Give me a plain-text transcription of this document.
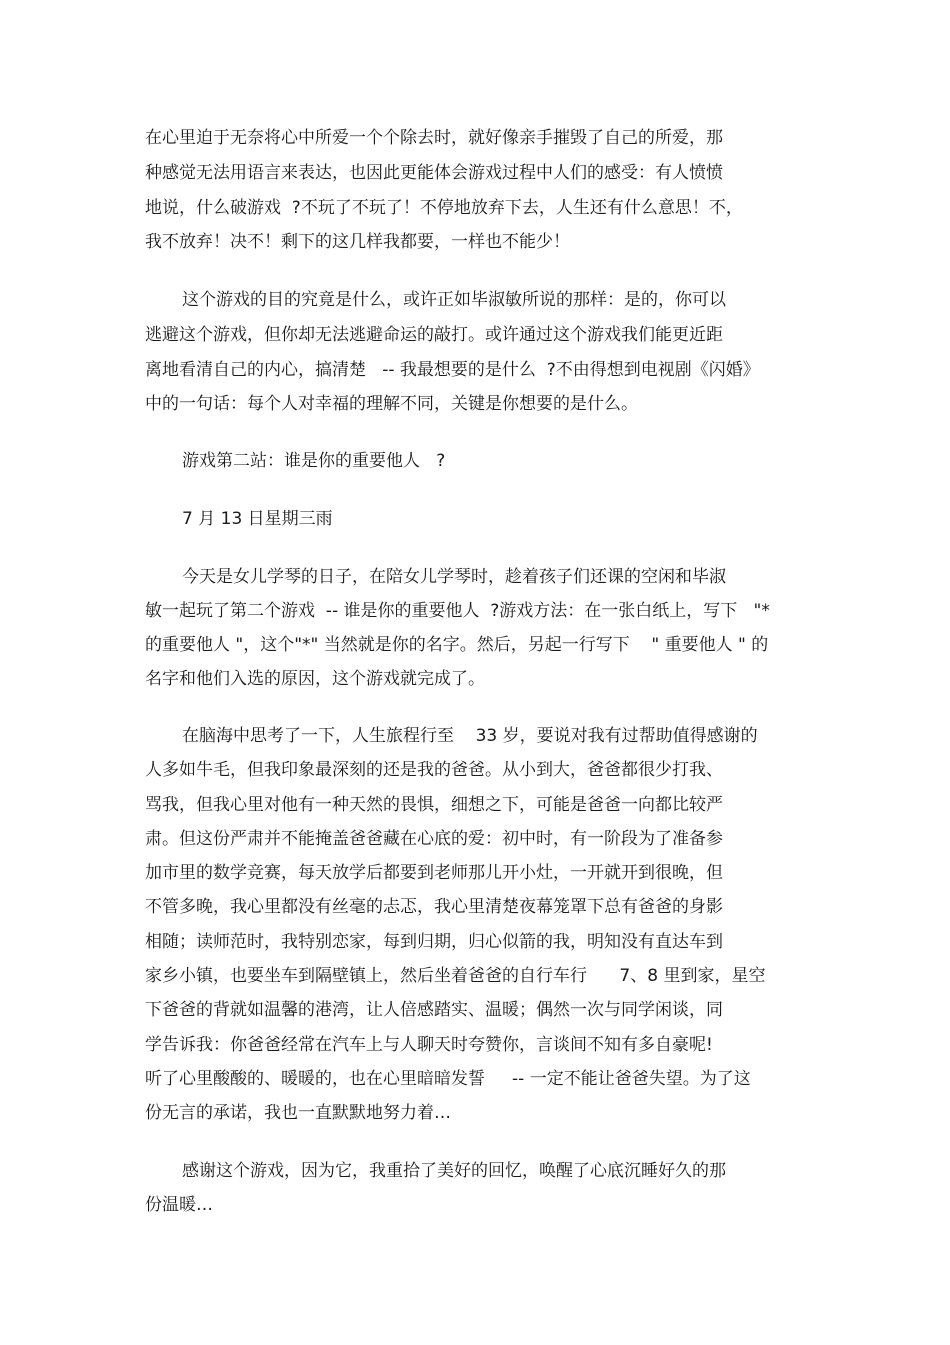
在心里迫于无奈将心中所爱一个个除去时，就好像亲手摧毁了自己的所爱，那
种感觉无法用语言来表达，也因此更能体会游戏过程中人们的感受：有人愤愤
地说，什么破游戏  ?不玩了不玩了！不停地放弃下去，人生还有什么意思！不，
我不放弃！决不！剩下的这几样我都要，一样也不能少！
这个游戏的目的究竟是什么，或许正如毕淑敏所说的那样：是的，你可以
逃避这个游戏，但你却无法逃避命运的敲打。或许通过这个游戏我们能更近距
离地看清自己的内心，搞清楚   -- 我最想要的是什么  ?不由得想到电视剧《闪婚》
中的一句话：每个人对幸福的理解不同，关键是你想要的是什么。
游戏第二站：谁是你的重要他人   ?
7 月 13 日星期三雨
今天是女儿学琴的日子，在陪女儿学琴时，趁着孩子们还课的空闲和毕淑
敏一起玩了第二个游戏  -- 谁是你的重要他人  ?游戏方法：在一张白纸上，写下   "*
的重要他人 "，这个"*" 当然就是你的名字。然后，另起一行写下    " 重要他人 " 的
名字和他们入选的原因，这个游戏就完成了。
在脑海中思考了一下，人生旅程行至    33 岁，要说对我有过帮助值得感谢的
人多如牛毛，但我印象最深刻的还是我的爸爸。从小到大，爸爸都很少打我、
骂我，但我心里对他有一种天然的畏惧，细想之下，可能是爸爸一向都比较严
肃。但这份严肃并不能掩盖爸爸藏在心底的爱：初中时，有一阶段为了准备参
加市里的数学竞赛，每天放学后都要到老师那儿开小灶，一开就开到很晚，但
不管多晚，我心里都没有丝毫的忐忑，我心里清楚夜幕笼罩下总有爸爸的身影
相随；读师范时，我特别恋家，每到归期，归心似箭的我，明知没有直达车到
家乡小镇，也要坐车到隔壁镇上，然后坐着爸爸的自行车行      7、8 里到家，星空
下爸爸的背就如温馨的港湾，让人倍感踏实、温暖；偶然一次与同学闲谈，同
学告诉我：你爸爸经常在汽车上与人聊天时夸赞你，言谈间不知有多自豪呢!
听了心里酸酸的、暖暖的，也在心里暗暗发誓     -- 一定不能让爸爸失望。为了这
份无言的承诺，我也一直默默地努力着…
感谢这个游戏，因为它，我重拾了美好的回忆，唤醒了心底沉睡好久的那
份温暖…
